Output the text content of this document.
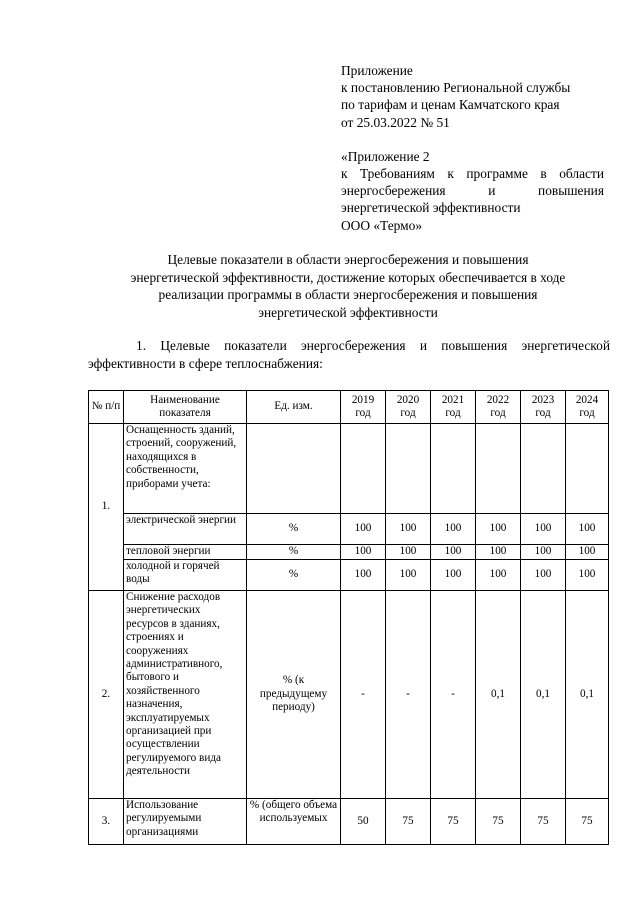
Приложение
к постановлению Региональной службы
по тарифам и ценам Камчатского края
от 25.03.2022 № 51
«Приложение 2
к Требованиям к программе в области
энергосбережения и повышения
энергетической эффективности
ООО «Термо»
Целевые показатели в области энергосбережения и повышения
энергетической эффективности, достижение которых обеспечивается в ходе
реализации программы в области энергосбережения и повышения
энергетической эффективности
1. Целевые показатели энергосбережения и повышения энергетической
эффективности в сфере теплоснабжения:
№ п/п	Наименование показателя	Ед. изм.	2019 год	2020 год	2021 год	2022 год	2023 год	2024 год
1.	Оснащенность зданий, строений, сооружений, находящихся в собственности, приборами учета:							
	электрической энергии	%	100	100	100	100	100	100
	тепловой энергии	%	100	100	100	100	100	100
	холодной и горячей воды	%	100	100	100	100	100	100
2.	Снижение расходов энергетических ресурсов в зданиях, строениях и сооружениях административного, бытового и хозяйственного назначения, эксплуатируемых организацией при осуществлении регулируемого вида деятельности	% (к предыдущему периоду)	-	-	-	0,1	0,1	0,1
3.	Использование регулируемыми организациями	% (общего объема используемых	50	75	75	75	75	75
